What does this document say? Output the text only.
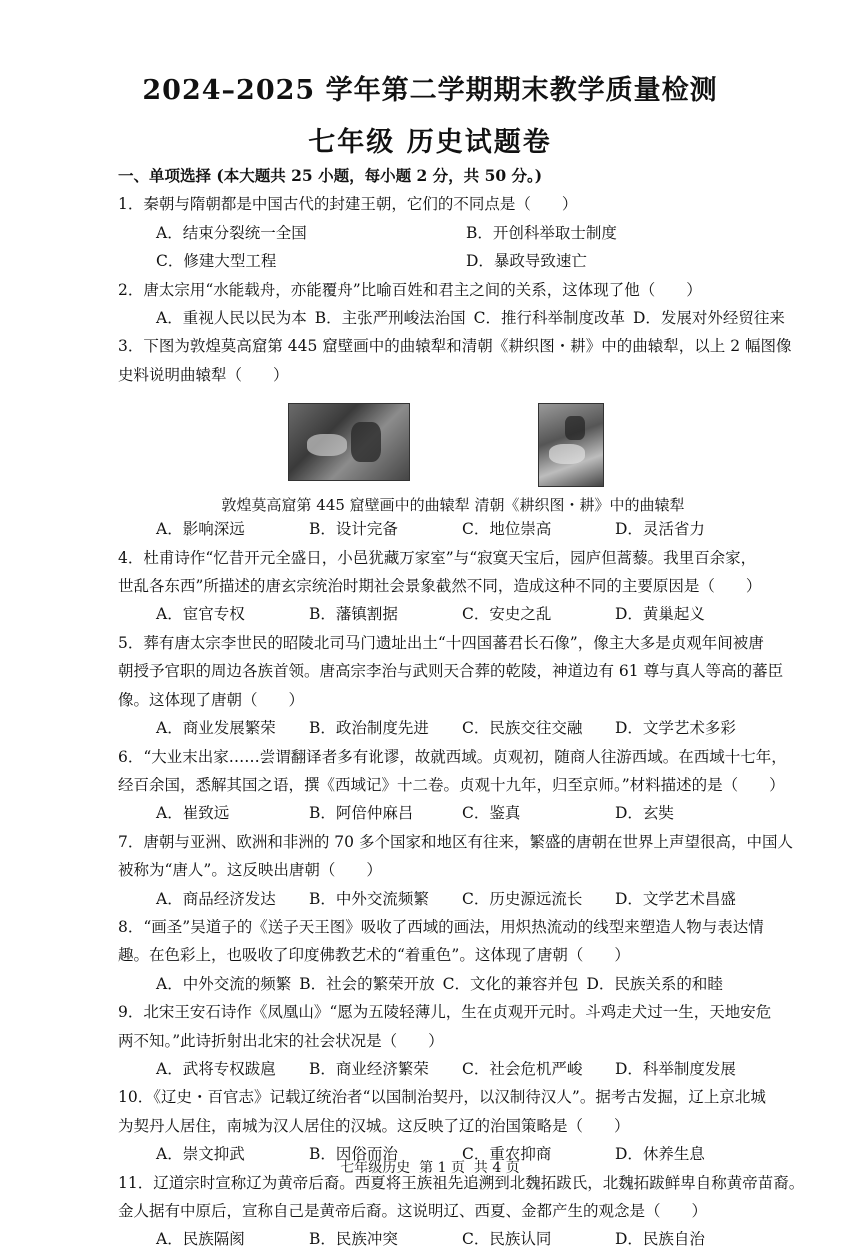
2024–2025 学年第二学期期末教学质量检测
七年级 历史试题卷
一、单项选择 (本大题共 25 小题，每小题 2 分，共 50 分。)
1．秦朝与隋朝都是中国古代的封建王朝，它们的不同点是（　　）
A．结束分裂统一全国	B．开创科举取士制度
C．修建大型工程	D．暴政导致速亡
2．唐太宗用“水能载舟，亦能覆舟”比喻百姓和君主之间的关系，这体现了他（　　）
A．重视人民以民为本 B．主张严刑峻法治国 C．推行科举制度改革 D．发展对外经贸往来
3．下图为敦煌莫高窟第 445 窟壁画中的曲辕犁和清朝《耕织图・耕》中的曲辕犁，以上 2 幅图像
史料说明曲辕犁（　　）
敦煌莫高窟第 445 窟壁画中的曲辕犁 清朝《耕织图・耕》中的曲辕犁
A．影响深远	B．设计完备	C．地位崇高	D．灵活省力
4．杜甫诗作“忆昔开元全盛日，小邑犹藏万家室”与“寂寞天宝后，园庐但蒿藜。我里百余家，
世乱各东西”所描述的唐玄宗统治时期社会景象截然不同，造成这种不同的主要原因是（　　）
A．宦官专权	B．藩镇割据	C．安史之乱	D．黄巢起义
5．葬有唐太宗李世民的昭陵北司马门遗址出土“十四国蕃君长石像”，像主大多是贞观年间被唐
朝授予官职的周边各族首领。唐高宗李治与武则天合葬的乾陵，神道边有 61 尊与真人等高的蕃臣
像。这体现了唐朝（　　）
A．商业发展繁荣	B．政治制度先进	C．民族交往交融	D．文学艺术多彩
6．“大业末出家……尝谓翻译者多有讹谬，故就西域。贞观初，随商人往游西域。在西域十七年，
经百余国，悉解其国之语，撰《西域记》十二卷。贞观十九年，归至京师。”材料描述的是（　　）
A．崔致远	B．阿倍仲麻吕	C．鉴真	D．玄奘
7．唐朝与亚洲、欧洲和非洲的 70 多个国家和地区有往来，繁盛的唐朝在世界上声望很高，中国人
被称为“唐人”。这反映出唐朝（　　）
A．商品经济发达	B．中外交流频繁	C．历史源远流长	D．文学艺术昌盛
8．“画圣”吴道子的《送子天王图》吸收了西域的画法，用炽热流动的线型来塑造人物与表达情
趣。在色彩上，也吸收了印度佛教艺术的“着重色”。这体现了唐朝（　　）
A．中外交流的频繁 B．社会的繁荣开放 C．文化的兼容并包 D．民族关系的和睦
9．北宋王安石诗作《凤凰山》“愿为五陵轻薄儿，生在贞观开元时。斗鸡走犬过一生，天地安危
两不知。”此诗折射出北宋的社会状况是（　　）
A．武将专权跋扈	B．商业经济繁荣	C．社会危机严峻	D．科举制度发展
10．《辽史・百官志》记载辽统治者“以国制治契丹，以汉制待汉人”。据考古发掘，辽上京北城
为契丹人居住，南城为汉人居住的汉城。这反映了辽的治国策略是（　　）
A．崇文抑武	B．因俗而治	C．重农抑商	D．休养生息
11．辽道宗时宣称辽为黄帝后裔。西夏将王族祖先追溯到北魏拓跋氏，北魏拓跋鲜卑自称黄帝苗裔。
金人据有中原后，宣称自己是黄帝后裔。这说明辽、西夏、金都产生的观念是（　　）
A．民族隔阂	B．民族冲突	C．民族认同	D．民族自治
七年级历史  第 1 页  共 4 页
